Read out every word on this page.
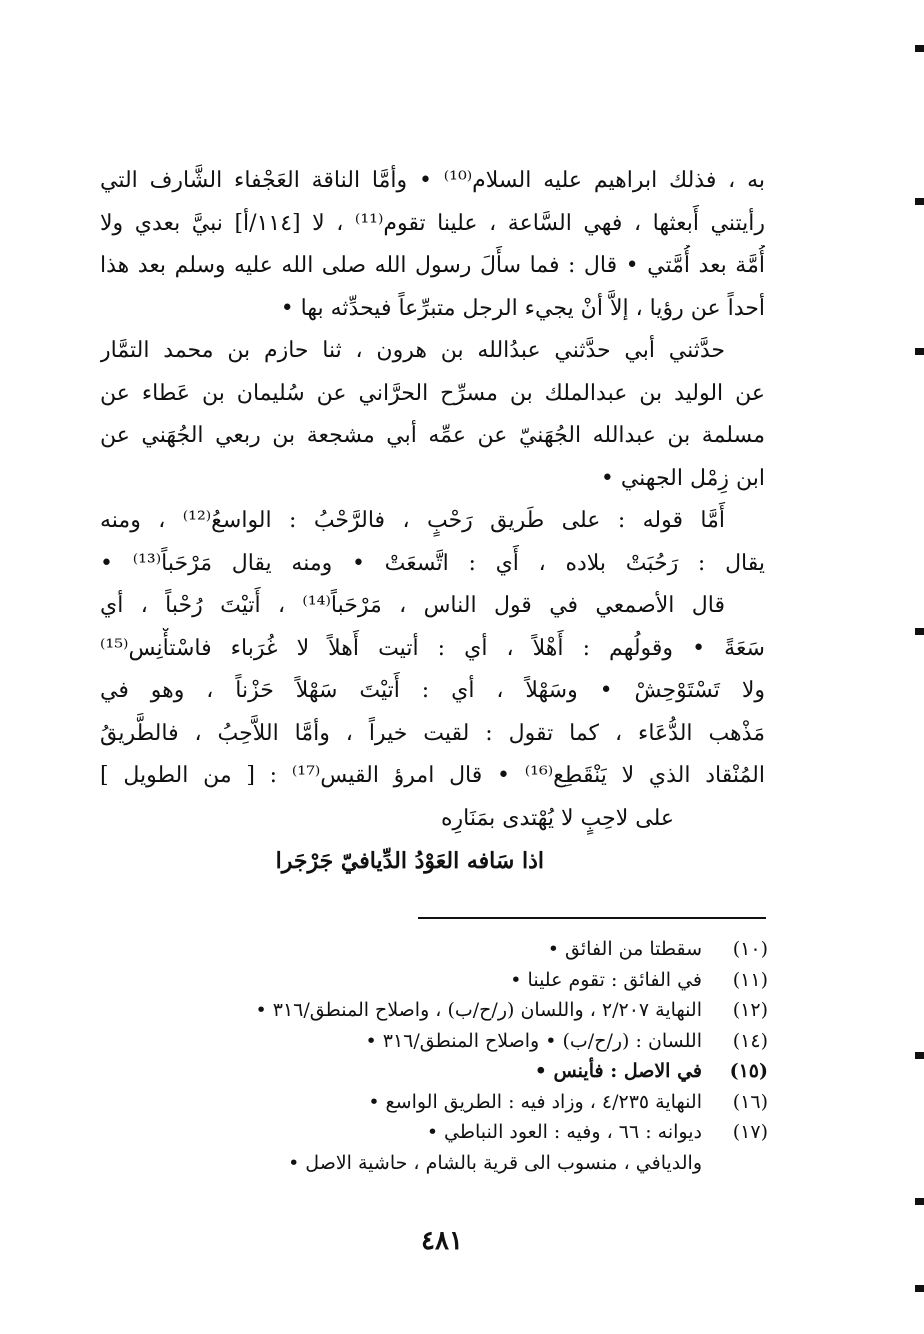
به ، فذلك ابراهيم عليه السلام⁽¹⁰⁾ • وأمَّا الناقة العَجْفاء الشَّارف التي
رأيتني أَبعثها ، فهي السَّاعة ، علينا تقوم⁽¹¹⁾ ، لا [١١٤/أ] نبيَّ بعدي ولا
أُمَّة بعد أُمَّتي • قال : فما سأَلَ رسول الله صلى الله عليه وسلم بعد هذا
أحداً عن رؤيا ، إلاَّ أنْ يجيء الرجل متبرِّعاً فيحدِّثه بها •
حدَّثني أبي حدَّثني عبدُالله بن هرون ، ثنا حازم بن محمد التمَّار
عن الوليد بن عبدالملك بن مسرِّح الحرَّاني عن سُليمان بن عَطاء عن
مسلمة بن عبدالله الجُهَنيّ عن عمِّه أبي مشجعة بن ربعي الجُهَني عن
ابن زِمْل الجهني •
أَمَّا قوله : على طَريق رَحْبٍ ، فالرَّحْبُ : الواسعُ⁽¹²⁾ ، ومنه
يقال : رَحُبَتْ بلاده ، أَي : اتَّسعَتْ • ومنه يقال مَرْحَباً⁽¹³⁾ •
قال الأصمعي في قول الناس ، مَرْحَباً⁽¹⁴⁾ ، أَتيْتَ رُحْباً ، أي
سَعَةً • وقولُهم : أَهْلاً ، أي : أتيت أَهلاً لا غُرَباء فاسْتأْنِس⁽¹⁵⁾
ولا تَسْتَوْحِشْ • وسَهْلاً ، أي : أَتيْتَ سَهْلاً حَزْناً ، وهو في
مَذْهب الدُّعَاء ، كما تقول : لقيت خيراً ، وأمَّا اللاَّحِبُ ، فالطَّريقُ
المُنْقاد الذي لا يَنْقَطِع⁽¹⁶⁾ • قال امرؤ القيس⁽¹⁷⁾ : [ من الطويل ]
على لاحِبٍ لا يُهْتدى بمَنَارِه
اذا سَافه العَوْدُ الدِّيافيّ جَرْجَرا
(١٠)
سقطتا من الفائق •
(١١)
في الفائق : تقوم علينا •
(١٢)
النهاية ٢/٢٠٧ ، واللسان (ر/ح/ب) ، واصلاح المنطق/٣١٦ •
(١٤)
اللسان : (ر/ح/ب) • واصلاح المنطق/٣١٦ •
(١٥)
في الاصل : فأينس •
(١٦)
النهاية ٤/٢٣٥ ، وزاد فيه : الطريق الواسع •
(١٧)
ديوانه : ٦٦ ، وفيه : العود النباطي •
والديافي ، منسوب الى قرية بالشام ، حاشية الاصل •
٤٨١
